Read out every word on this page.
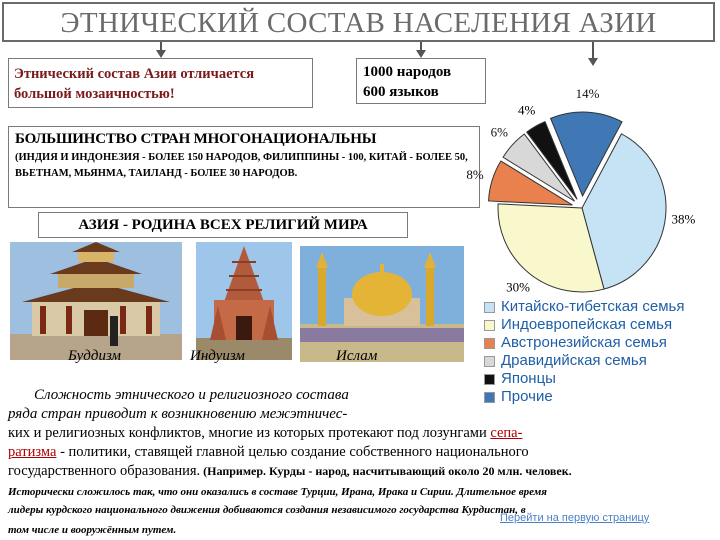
ЭТНИЧЕСКИЙ СОСТАВ НАСЕЛЕНИЯ АЗИИ
Этнический состав Азии отличается большой мозаичностью!
1000 народов
600 языков
БОЛЬШИНСТВО СТРАН МНОГОНАЦИОНАЛЬНЫ
(ИНДИЯ И ИНДОНЕЗИЯ - БОЛЕЕ 150 НАРОДОВ, ФИЛИППИНЫ - 100, КИТАЙ - БОЛЕЕ 50, ВЬЕТНАМ, МЬЯНМА, ТАИЛАНД - БОЛЕЕ 30 НАРОДОВ.
АЗИЯ - РОДИНА ВСЕХ РЕЛИГИЙ МИРА	38%
30%
8%
6%
4%
14%
Китайско-тибетская семья
Индоевропейская семья
Австронезийская семья
Дравидийская семья
Японцы
Прочие
Буддизм	Индуизм	Ислам
Сложность этнического и религиозного состава
ряда стран приводит к возникновению межэтничес-
ких и религиозных конфликтов, многие из которых протекают под лозунгами сепа-
ратизма - политики, ставящей главной целью создание собственного национального
государственного образования. (Например. Курды - народ, насчитывающий около 20 млн. человек.
Исторически сложилось так, что они оказались в составе Турции, Ирана, Ирака и Сирии. Длительное время
лидеры курдского национального движения добиваются создания независимого государства Курдистан, в
том числе и вооружённым путем.
Перейти на первую страницу
